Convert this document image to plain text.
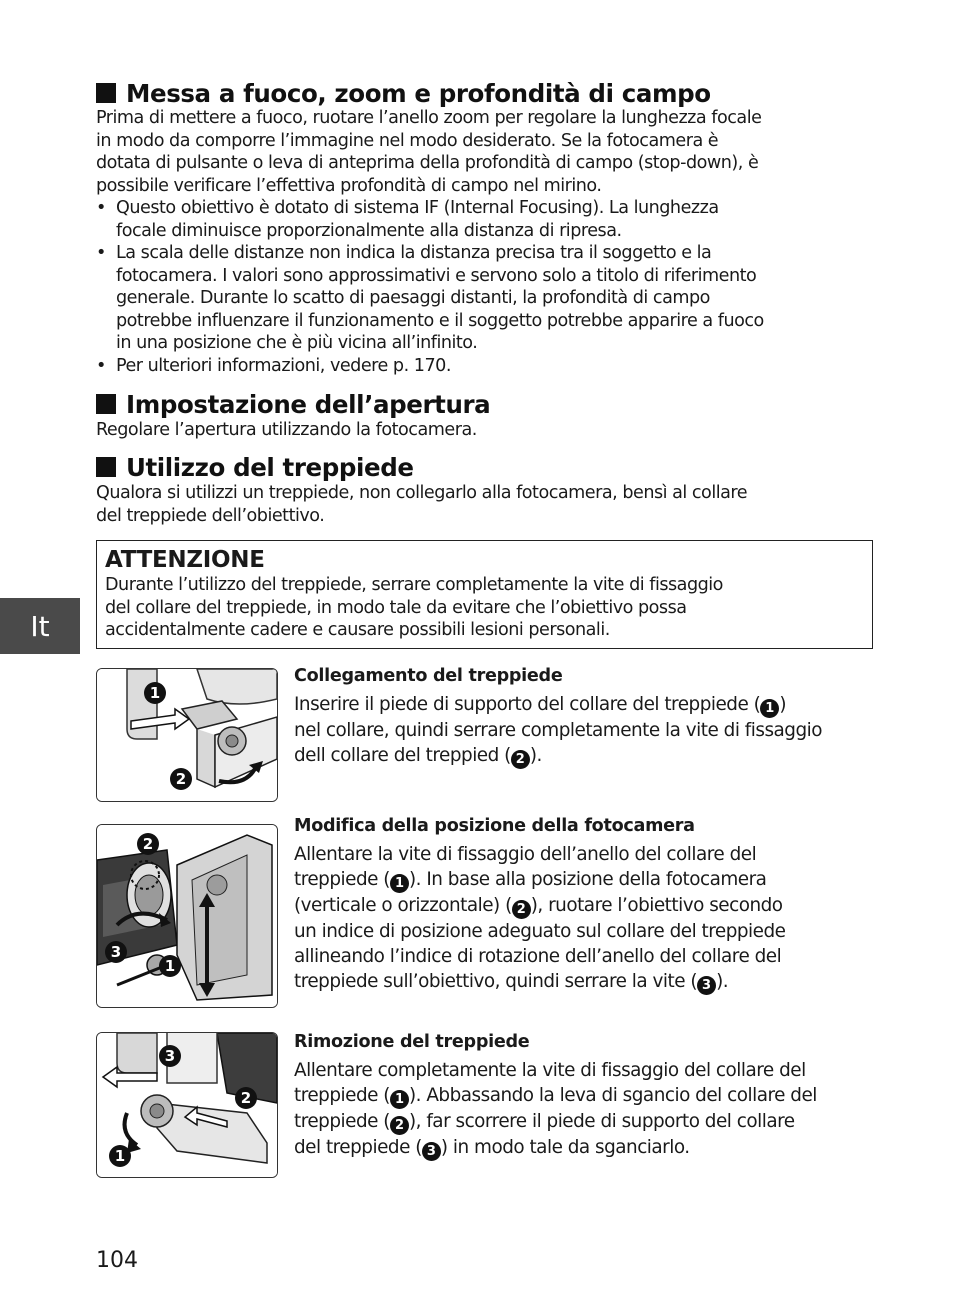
Messa a fuoco, zoom e profondità di campo
Prima di mettere a fuoco, ruotare l’anello zoom per regolare la lunghezza focale
in modo da comporre l’immagine nel modo desiderato. Se la fotocamera è
dotata di pulsante o leva di anteprima della profondità di campo (stop-down), è
possibile verificare l’effettiva profondità di campo nel mirino.
• Questo obiettivo è dotato di sistema IF (Internal Focusing). La lunghezza
focale diminuisce proporzionalmente alla distanza di ripresa.
• La scala delle distanze non indica la distanza precisa tra il soggetto e la
fotocamera. I valori sono approssimativi e servono solo a titolo di riferimento
generale. Durante lo scatto di paesaggi distanti, la profondità di campo
potrebbe influenzare il funzionamento e il soggetto potrebbe apparire a fuoco
in una posizione che è più vicina all’infinito.
• Per ulteriori informazioni, vedere p. 170.
Impostazione dell’apertura
Regolare l’apertura utilizzando la fotocamera.
Utilizzo del treppiede
Qualora si utilizzi un treppiede, non collegarlo alla fotocamera, bensì al collare
del treppiede dell’obiettivo.

ATTENZIONE

Durante l’utilizzo del treppiede, serrare completamente la vite di fissaggio
del collare del treppiede, in modo tale da evitare che l’obiettivo possa
accidentalmente cadere e causare possibili lesioni personali.
It
1
2

Collegamento del treppiede

Inserire il piede di supporto del collare del treppiede ( 1 )
nel collare, quindi serrare completamente la vite di fissaggio
dell collare del treppied ( 2 ).
2
3
1

Modifica della posizione della fotocamera

Allentare la vite di fissaggio dell’anello del collare del
treppiede ( 1 ). In base alla posizione della fotocamera
(verticale o orizzontale) ( 2 ), ruotare l’obiettivo secondo
un indice di posizione adeguato sul collare del treppiede
allineando l’indice di rotazione dell’anello del collare del
treppiede sull’obiettivo, quindi serrare la vite ( 3 ).
3
2
1

Rimozione del treppiede

Allentare completamente la vite di fissaggio del collare del
treppiede ( 1 ). Abbassando la leva di sgancio del collare del
treppiede ( 2 ), far scorrere il piede di supporto del collare
del treppiede ( 3 ) in modo tale da sganciarlo.

104
